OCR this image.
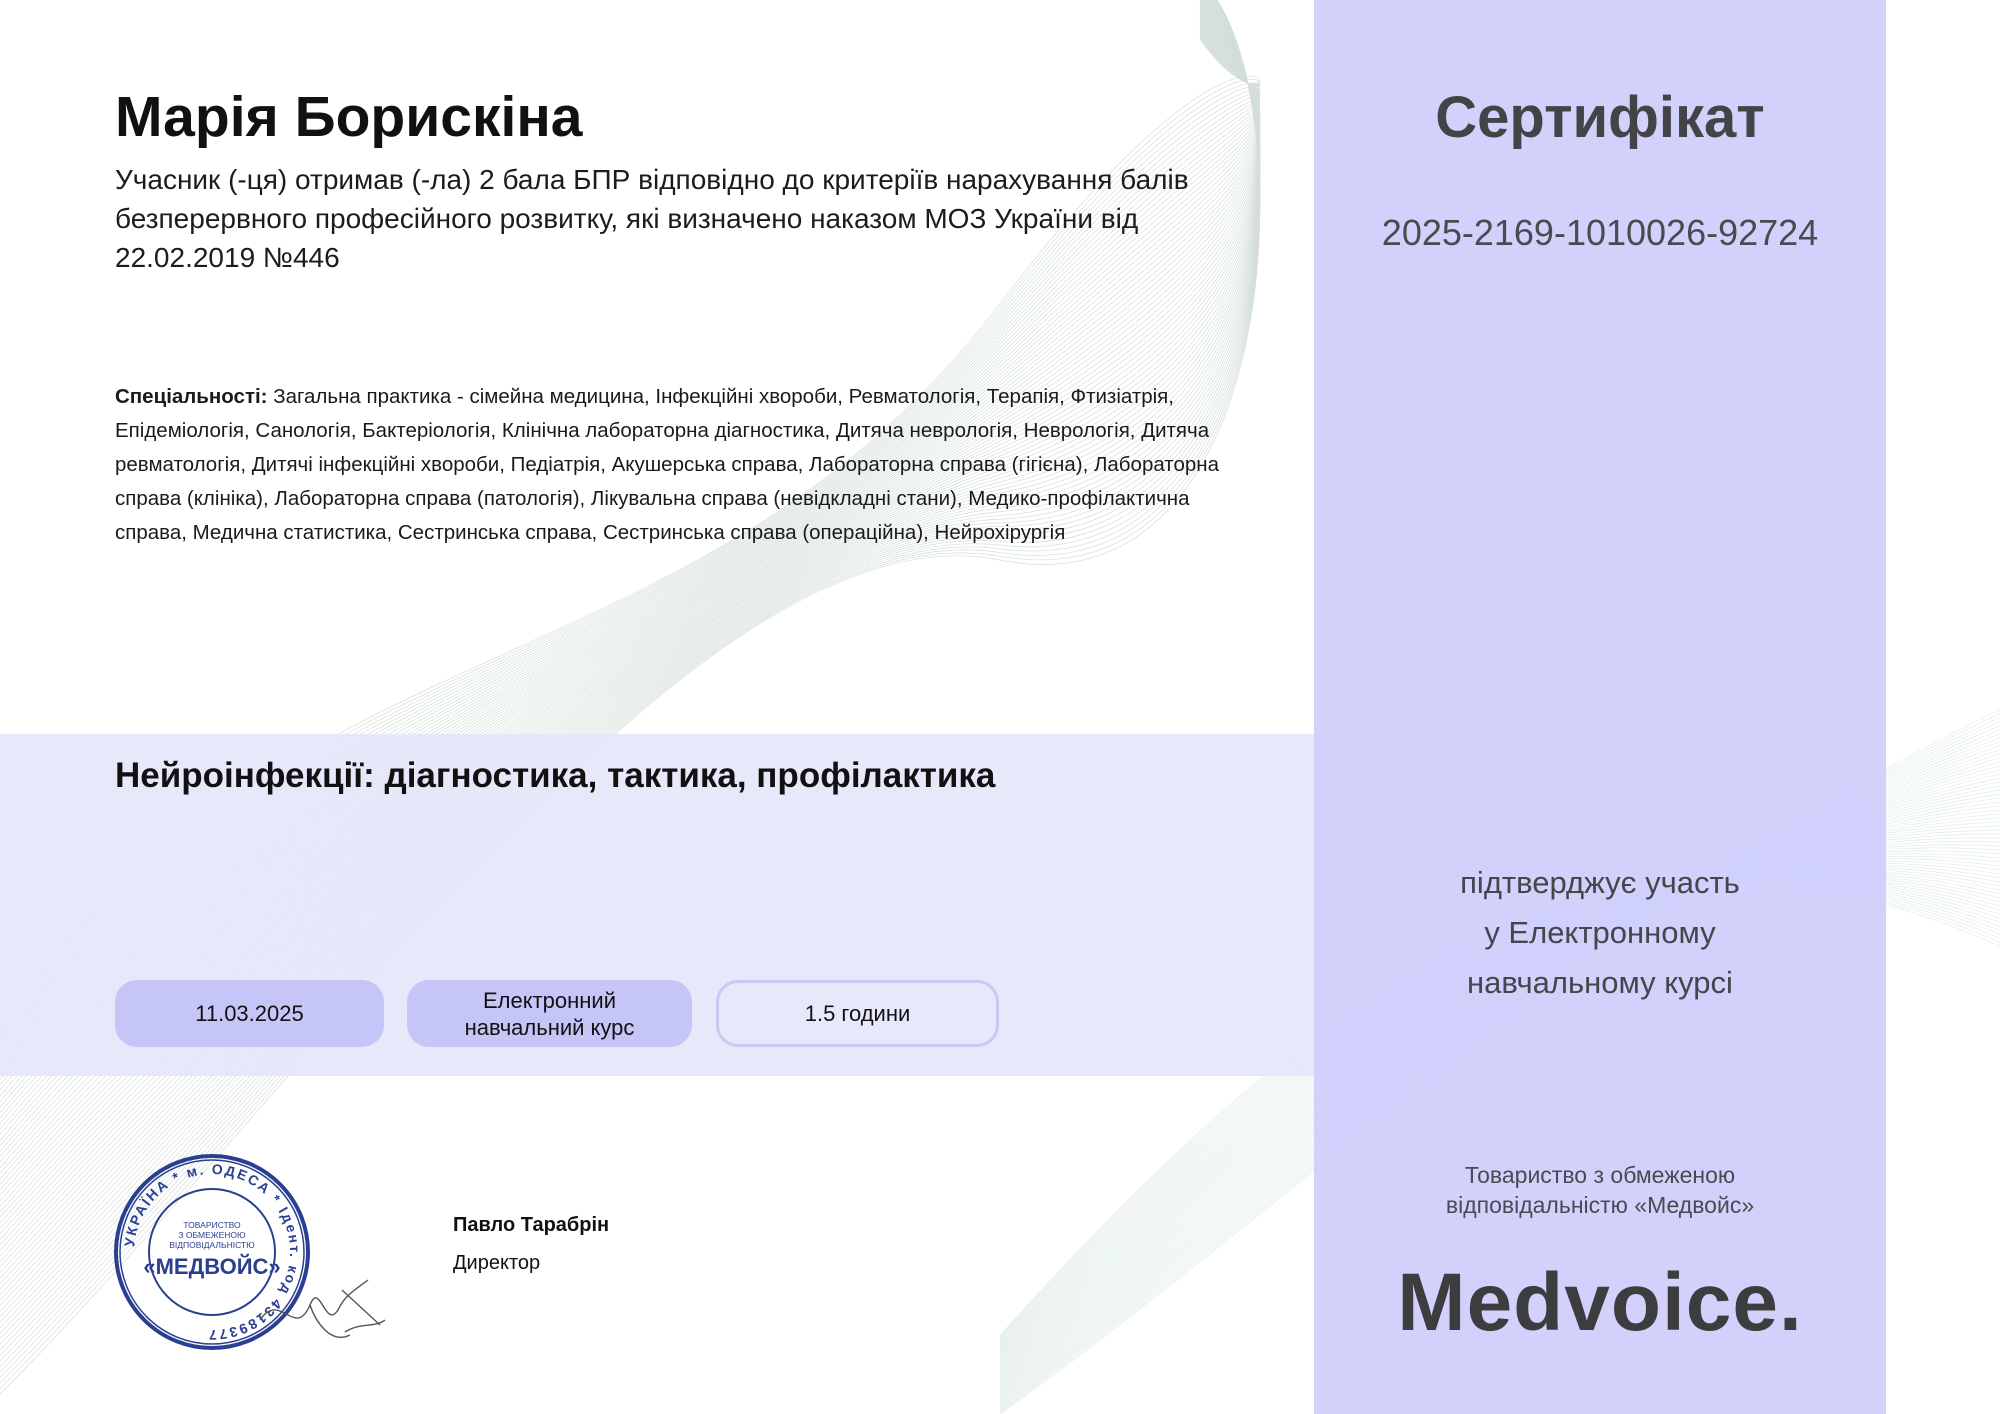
Марія Борискіна
Учасник (-ця) отримав (-ла) 2 бала БПР відповідно до критеріїв нарахування балів безперервного професійного розвитку, які визначено наказом МОЗ України від 22.02.2019 №446
Спеціальності: Загальна практика - сімейна медицина, Інфекційні хвороби, Ревматологія, Терапія, Фтизіатрія, Епідеміологія, Санологія, Бактеріологія, Клінічна лабораторна діагностика, Дитяча неврологія, Неврологія, Дитяча ревматологія, Дитячі інфекційні хвороби, Педіатрія, Акушерська справа, Лабораторна справа (гігієна), Лабораторна справа (клініка), Лабораторна справа (патологія), Лікувальна справа (невідкладні стани), Медико-профілактична справа, Медична статистика, Сестринська справа, Сестринська справа (операційна), Нейрохірургія
Нейроінфекції: діагностика, тактика, профілактика
11.03.2025
Електронний
навчальний курс
1.5 години
Сертифікат
2025-2169-1010026-92724
підтверджує участь
у Електронному
навчальному курсі
Товариство з обмеженою
відповідальністю «Медвойс»
Medvoice.
УКРАЇНА * м. ОДЕСА * Ідент. код 43189377
ТОВАРИСТВО
З ОБМЕЖЕНОЮ
ВІДПОВІДАЛЬНІСТЮ
«МЕДВОЙС»
Павло Тарабрін
Директор
